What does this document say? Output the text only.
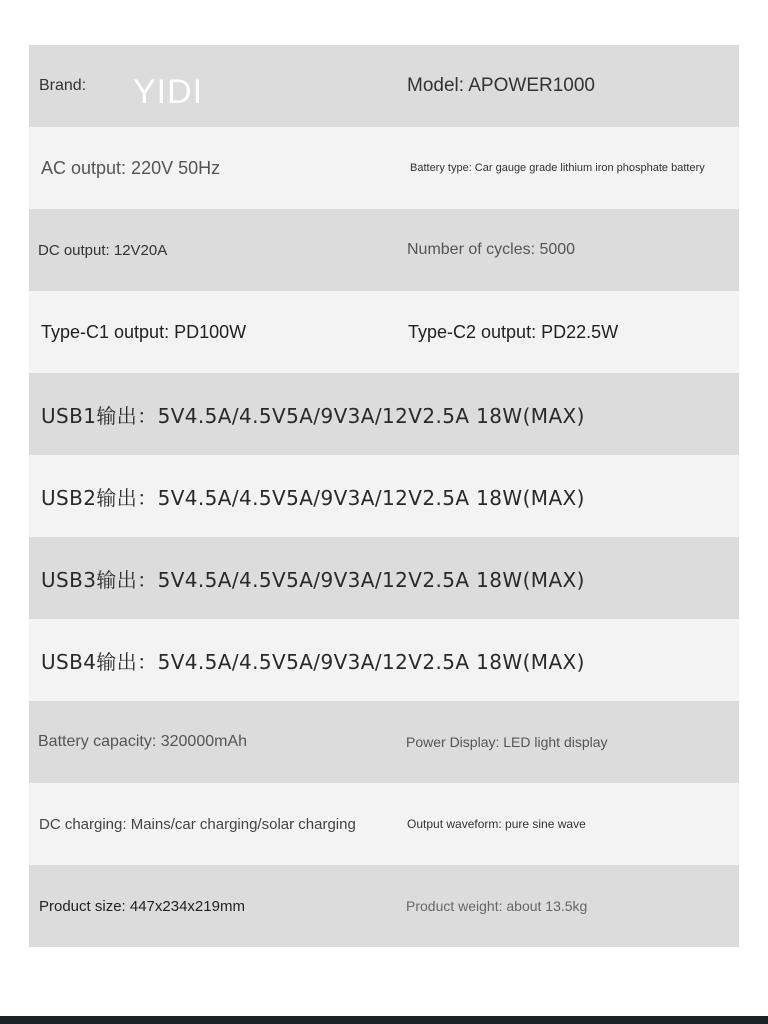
Brand: YIDI	Model: APOWER1000
AC output: 220V 50Hz	Battery type: Car gauge grade lithium iron phosphate battery
DC output: 12V20A	Number of cycles: 5000
Type-C1 output: PD100W	Type-C2 output: PD22.5W
USB1输出：5V4.5A/4.5V5A/9V3A/12V2.5A 18W(MAX)
USB2输出：5V4.5A/4.5V5A/9V3A/12V2.5A 18W(MAX)
USB3输出：5V4.5A/4.5V5A/9V3A/12V2.5A 18W(MAX)
USB4输出：5V4.5A/4.5V5A/9V3A/12V2.5A 18W(MAX)
Battery capacity: 320000mAh	Power Display: LED light display
DC charging: Mains/car charging/solar charging	Output waveform: pure sine wave
Product size: 447x234x219mm	Product weight: about 13.5kg
